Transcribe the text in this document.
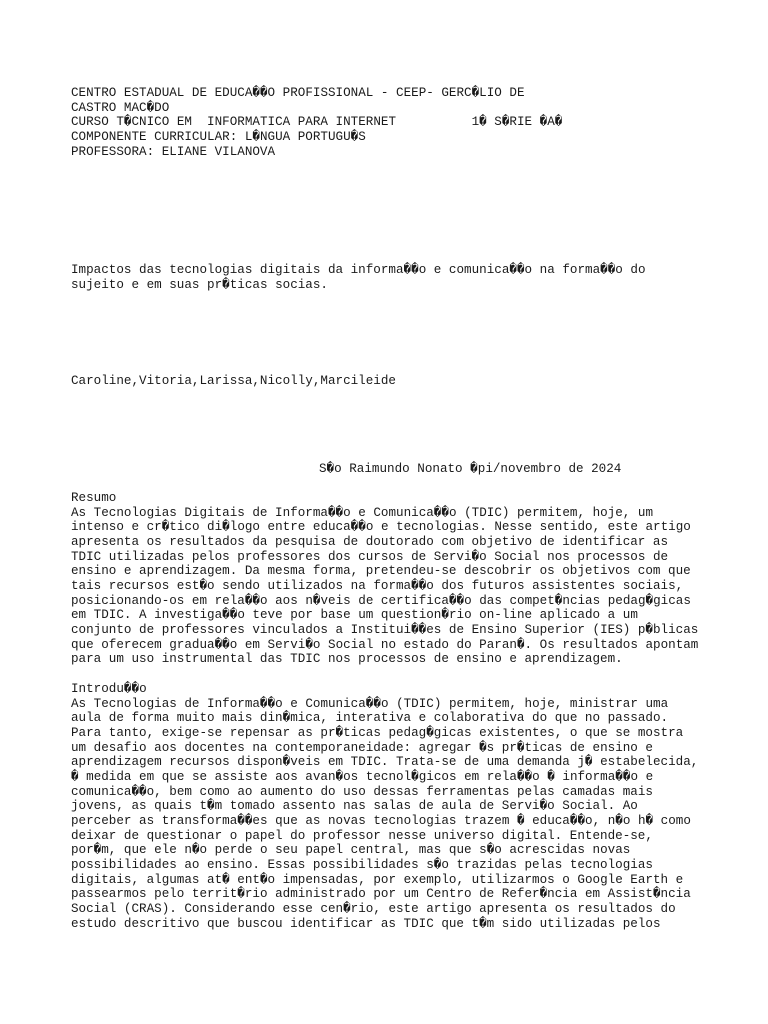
CENTRO ESTADUAL DE EDUCA��O PROFISSIONAL - CEEP- GERC�LIO DE
CASTRO MAC�DO
CURSO T�CNICO EM  INFORMATICA PARA INTERNET          1� S�RIE �A�
COMPONENTE CURRICULAR: L�NGUA PORTUGU�S
PROFESSORA: ELIANE VILANOVA
Impactos das tecnologias digitais da informa��o e comunica��o na forma��o do
sujeito e em suas pr�ticas socias.
Caroline,Vitoria,Larissa,Nicolly,Marcileide
S�o Raimundo Nonato �pi/novembro de 2024
Resumo
As Tecnologias Digitais de Informa��o e Comunica��o (TDIC) permitem, hoje, um
intenso e cr�tico di�logo entre educa��o e tecnologias. Nesse sentido, este artigo
apresenta os resultados da pesquisa de doutorado com objetivo de identificar as
TDIC utilizadas pelos professores dos cursos de Servi�o Social nos processos de
ensino e aprendizagem. Da mesma forma, pretendeu-se descobrir os objetivos com que
tais recursos est�o sendo utilizados na forma��o dos futuros assistentes sociais,
posicionando-os em rela��o aos n�veis de certifica��o das compet�ncias pedag�gicas
em TDIC. A investiga��o teve por base um question�rio on-line aplicado a um
conjunto de professores vinculados a Institui��es de Ensino Superior (IES) p�blicas
que oferecem gradua��o em Servi�o Social no estado do Paran�. Os resultados apontam
para um uso instrumental das TDIC nos processos de ensino e aprendizagem.
Introdu��o
As Tecnologias de Informa��o e Comunica��o (TDIC) permitem, hoje, ministrar uma
aula de forma muito mais din�mica, interativa e colaborativa do que no passado.
Para tanto, exige-se repensar as pr�ticas pedag�gicas existentes, o que se mostra
um desafio aos docentes na contemporaneidade: agregar �s pr�ticas de ensino e
aprendizagem recursos dispon�veis em TDIC. Trata-se de uma demanda j� estabelecida,
� medida em que se assiste aos avan�os tecnol�gicos em rela��o � informa��o e
comunica��o, bem como ao aumento do uso dessas ferramentas pelas camadas mais
jovens, as quais t�m tomado assento nas salas de aula de Servi�o Social. Ao
perceber as transforma��es que as novas tecnologias trazem � educa��o, n�o h� como
deixar de questionar o papel do professor nesse universo digital. Entende-se,
por�m, que ele n�o perde o seu papel central, mas que s�o acrescidas novas
possibilidades ao ensino. Essas possibilidades s�o trazidas pelas tecnologias
digitais, algumas at� ent�o impensadas, por exemplo, utilizarmos o Google Earth e
passearmos pelo territ�rio administrado por um Centro de Refer�ncia em Assist�ncia
Social (CRAS). Considerando esse cen�rio, este artigo apresenta os resultados do
estudo descritivo que buscou identificar as TDIC que t�m sido utilizadas pelos
